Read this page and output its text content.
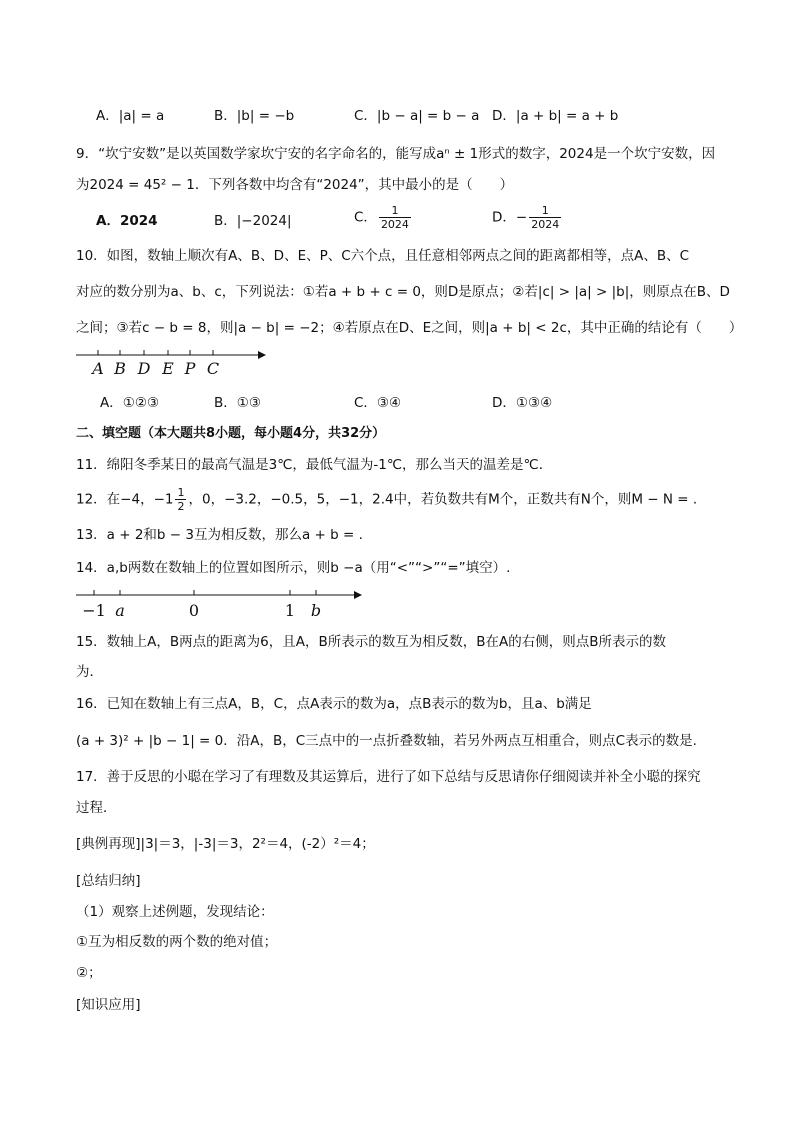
A．|a| = a	B．|b| = −b	C．|b − a| = b − a D．|a + b| = a + b
9．“坎宁安数”是以英国数学家坎宁安的名字命名的，能写成aⁿ ± 1形式的数字，2024是一个坎宁安数，因
为2024 = 45² − 1．下列各数中均含有“2024”，其中最小的是（　　）
A．2024	B．|−2024|	C． $\frac{1}{2024}$	D．− $\frac{1}{2024}$
10．如图，数轴上顺次有A、B、D、E、P、C六个点，且任意相邻两点之间的距离都相等，点A、B、C
对应的数分别为a、b、c，下列说法：①若a + b + c = 0，则D是原点；②若|c| > |a| > |b|，则原点在B、D
之间；③若c − b = 8，则|a − b| = −2；④若原点在D、E之间，则|a + b| < 2c，其中正确的结论有（　　）
A B D E P C
A．①②③	B．①③	C．③④	D．①③④
二、填空题（本大题共8小题，每小题4分，共32分）
11．绵阳冬季某日的最高气温是3℃，最低气温为-1℃，那么当天的温差是℃．
12．在−4，$-1 \frac{1}{2}$ ，0，−3.2，−0.5，5，−1，2.4中，若负数共有M个，正数共有N个，则M − N = .
13．a + 2和b − 3互为相反数，那么a + b = .
14．a,b两数在数轴上的位置如图所示，则b −a（用“<”“>”“=”填空）.
−1 a	0	1 b
15．数轴上A，B两点的距离为6，且A，B所表示的数互为相反数，B在A的右侧，则点B所表示的数
为．
16．已知在数轴上有三点A，B，C，点A表示的数为a，点B表示的数为b，且a、b满足
(a + 3)² + |b − 1| = 0．沿A，B，C三点中的一点折叠数轴，若另外两点互相重合，则点C表示的数是.
17．善于反思的小聪在学习了有理数及其运算后，进行了如下总结与反思请你仔细阅读并补全小聪的探究
过程．
[典例再现]|3|＝3，|-3|＝3，2²＝4，(-2）²＝4；
[总结归纳]
（1）观察上述例题，发现结论：
①互为相反数的两个数的绝对值；
②；
[知识应用]
